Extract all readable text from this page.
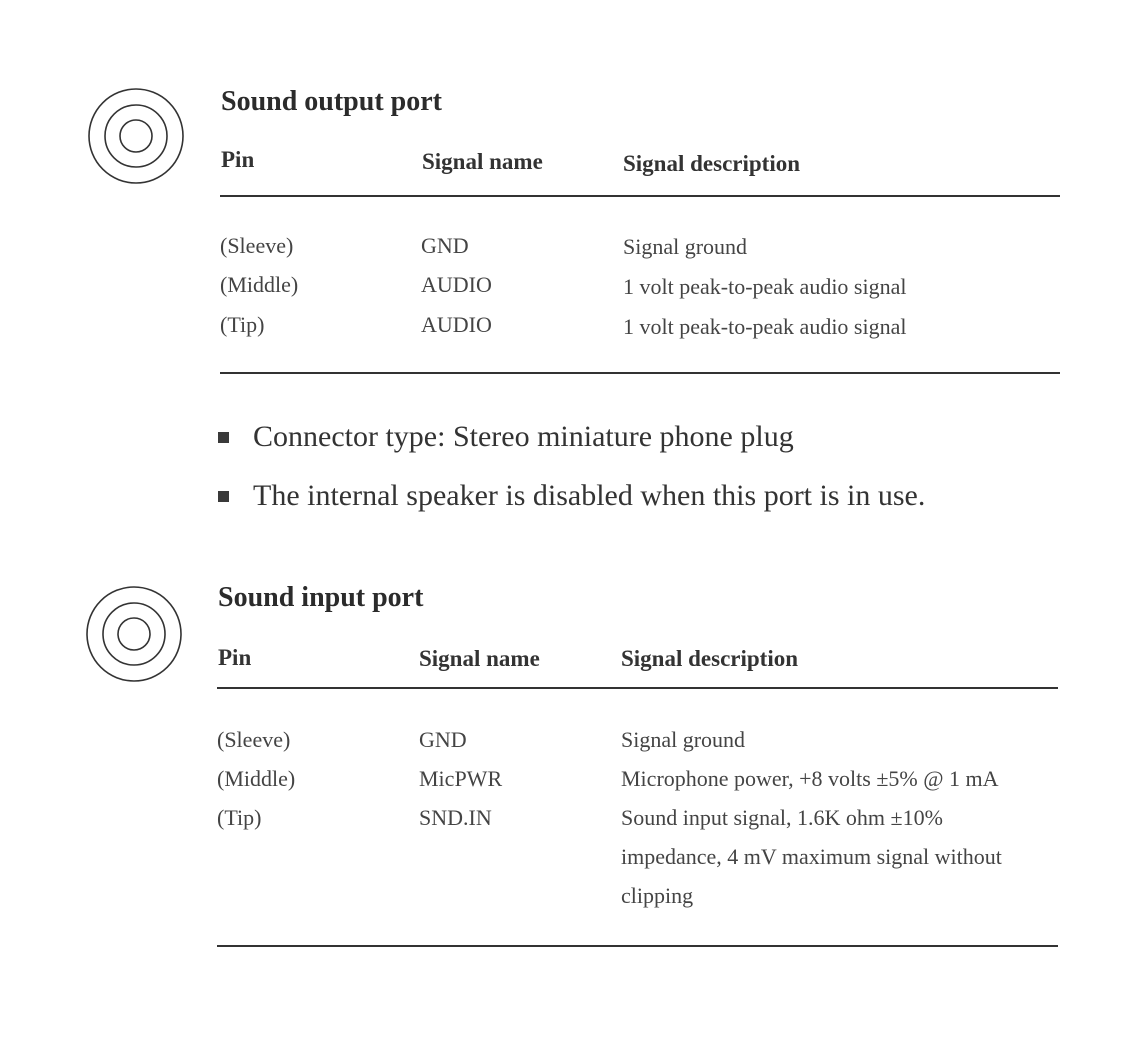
Sound output port
Pin	Signal name	Signal description
(Sleeve)	GND	Signal ground
(Middle)	AUDIO	1 volt peak-to-peak audio signal
(Tip)	AUDIO	1 volt peak-to-peak audio signal
Connector type: Stereo miniature phone plug
The internal speaker is disabled when this port is in use.
Sound input port
Pin	Signal name	Signal description
(Sleeve)	GND	Signal ground
(Middle)	MicPWR	Microphone power, +8 volts ±5% @ 1 mA
(Tip)	SND.IN	Sound input signal, 1.6K ohm ±10% impedance, 4 mV maximum signal without clipping
